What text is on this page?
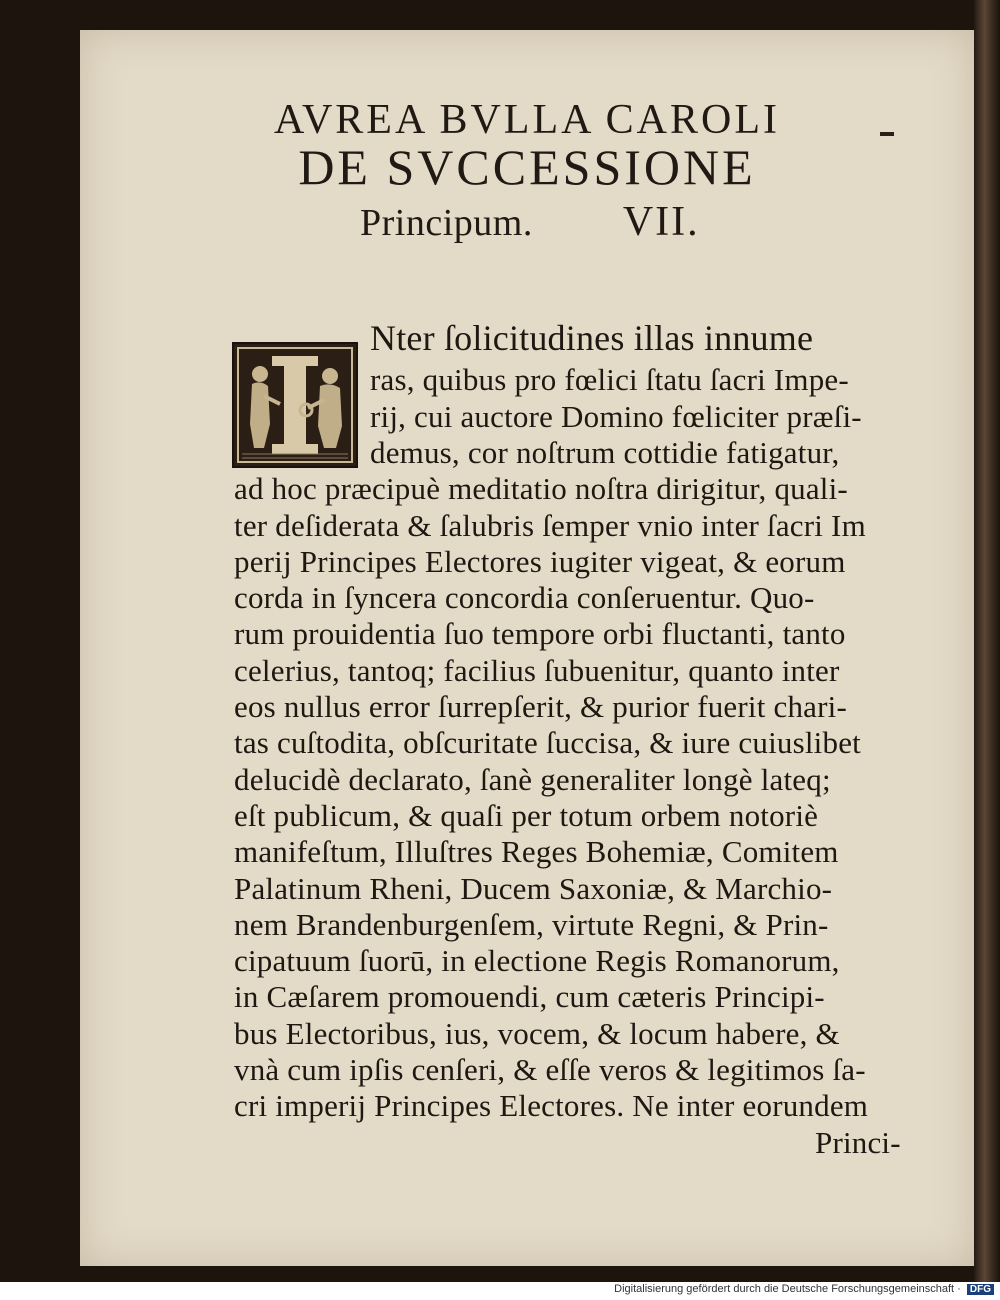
AVREA BVLLA CAROLI
DE SVCCESSIONE
Principum. VII.
Nter ſolicitudines illas innume
ras, quibus pro fœlici ſtatu ſacri Impe-
rij, cui auctore Domino fœliciter præſi-
demus, cor noſtrum cottidie fatigatur,
ad hoc præcipuè meditatio noſtra dirigitur, quali-
ter deſiderata & ſalubris ſemper vnio inter ſacri Im
perij Principes Electores iugiter vigeat, & eorum
corda in ſyncera concordia conſeruentur. Quo-
rum prouidentia ſuo tempore orbi fluctanti, tanto
celerius, tantoq; facilius ſubuenitur, quanto inter
eos nullus error ſurrepſerit, & purior fuerit chari-
tas cuſtodita, obſcuritate ſuccisa, & iure cuiuslibet
delucidè declarato, ſanè generaliter longè lateq;
eſt publicum, & quaſi per totum orbem notoriè
manifeſtum, Illuſtres Reges Bohemiæ, Comitem
Palatinum Rheni, Ducem Saxoniæ, & Marchio-
nem Brandenburgenſem, virtute Regni, & Prin-
cipatuum ſuorū, in electione Regis Romanorum,
in Cæſarem promouendi, cum cæteris Principi-
bus Electoribus, ius, vocem, & locum habere, &
vnà cum ipſis cenſeri, & eſſe veros & legitimos ſa-
cri imperij Principes Electores. Ne inter eorundem
Princi-
Digitalisierung gefördert durch die Deutsche Forschungsgemeinschaft · DFG
